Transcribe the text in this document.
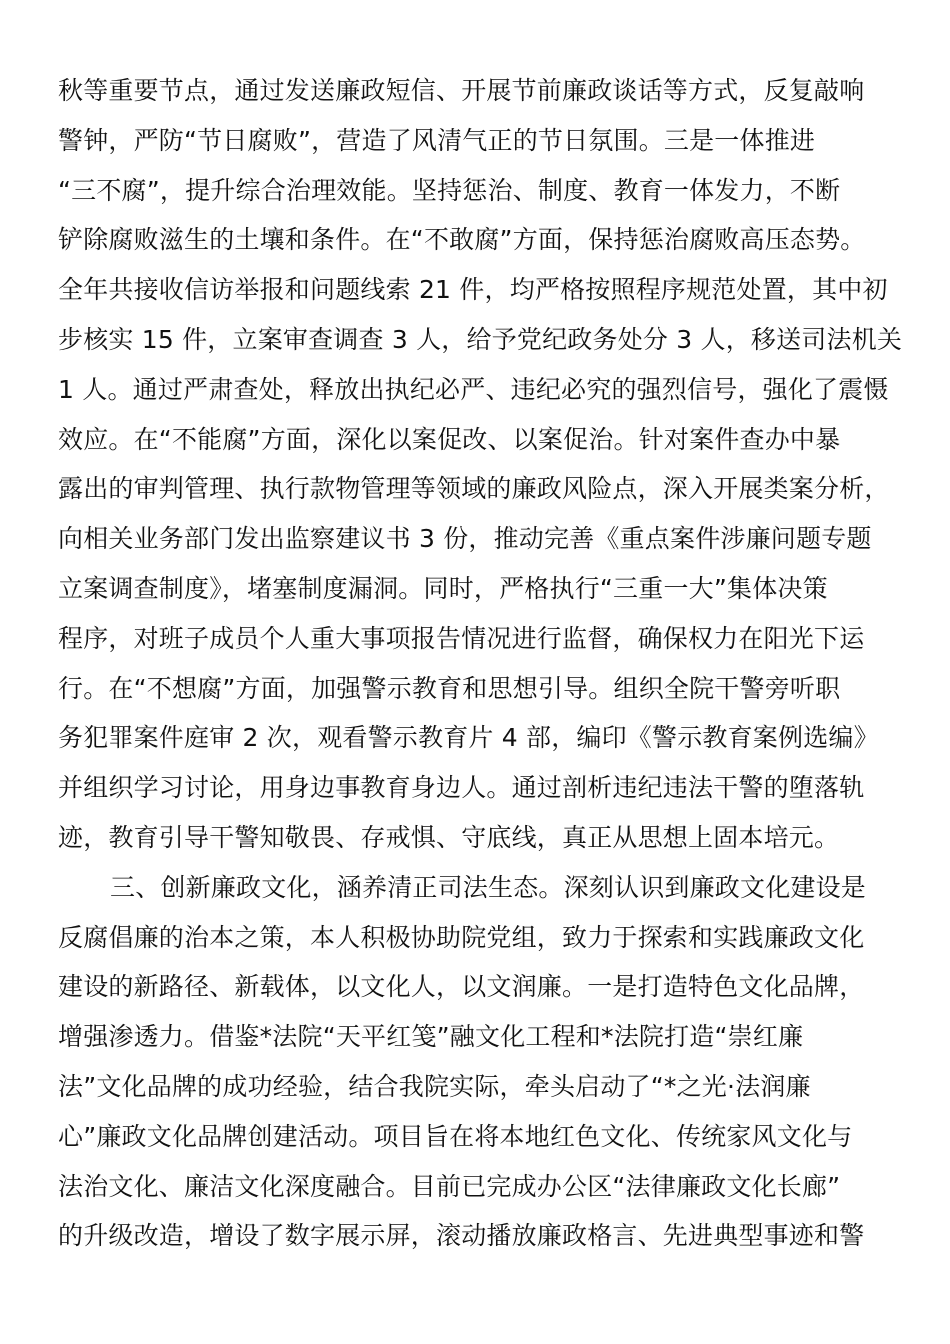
秋等重要节点，通过发送廉政短信、开展节前廉政谈话等方式，反复敲响
警钟，严防“节日腐败”，营造了风清气正的节日氛围。三是一体推进
“三不腐”，提升综合治理效能。坚持惩治、制度、教育一体发力，不断
铲除腐败滋生的土壤和条件。在“不敢腐”方面，保持惩治腐败高压态势。
全年共接收信访举报和问题线索 21 件，均严格按照程序规范处置，其中初
步核实 15 件，立案审查调查 3 人，给予党纪政务处分 3 人，移送司法机关
1 人。通过严肃查处，释放出执纪必严、违纪必究的强烈信号，强化了震慑
效应。在“不能腐”方面，深化以案促改、以案促治。针对案件查办中暴
露出的审判管理、执行款物管理等领域的廉政风险点，深入开展类案分析，
向相关业务部门发出监察建议书 3 份，推动完善《重点案件涉廉问题专题
立案调查制度》，堵塞制度漏洞。同时，严格执行“三重一大”集体决策
程序，对班子成员个人重大事项报告情况进行监督，确保权力在阳光下运
行。在“不想腐”方面，加强警示教育和思想引导。组织全院干警旁听职
务犯罪案件庭审 2 次，观看警示教育片 4 部，编印《警示教育案例选编》
并组织学习讨论，用身边事教育身边人。通过剖析违纪违法干警的堕落轨
迹，教育引导干警知敬畏、存戒惧、守底线，真正从思想上固本培元。
三、创新廉政文化，涵养清正司法生态。深刻认识到廉政文化建设是
反腐倡廉的治本之策，本人积极协助院党组，致力于探索和实践廉政文化
建设的新路径、新载体，以文化人，以文润廉。一是打造特色文化品牌，
增强渗透力。借鉴*法院“天平红笺”融文化工程和*法院打造“崇红廉
法”文化品牌的成功经验，结合我院实际，牵头启动了“*之光·法润廉
心”廉政文化品牌创建活动。项目旨在将本地红色文化、传统家风文化与
法治文化、廉洁文化深度融合。目前已完成办公区“法律廉政文化长廊”
的升级改造，增设了数字展示屏，滚动播放廉政格言、先进典型事迹和警
